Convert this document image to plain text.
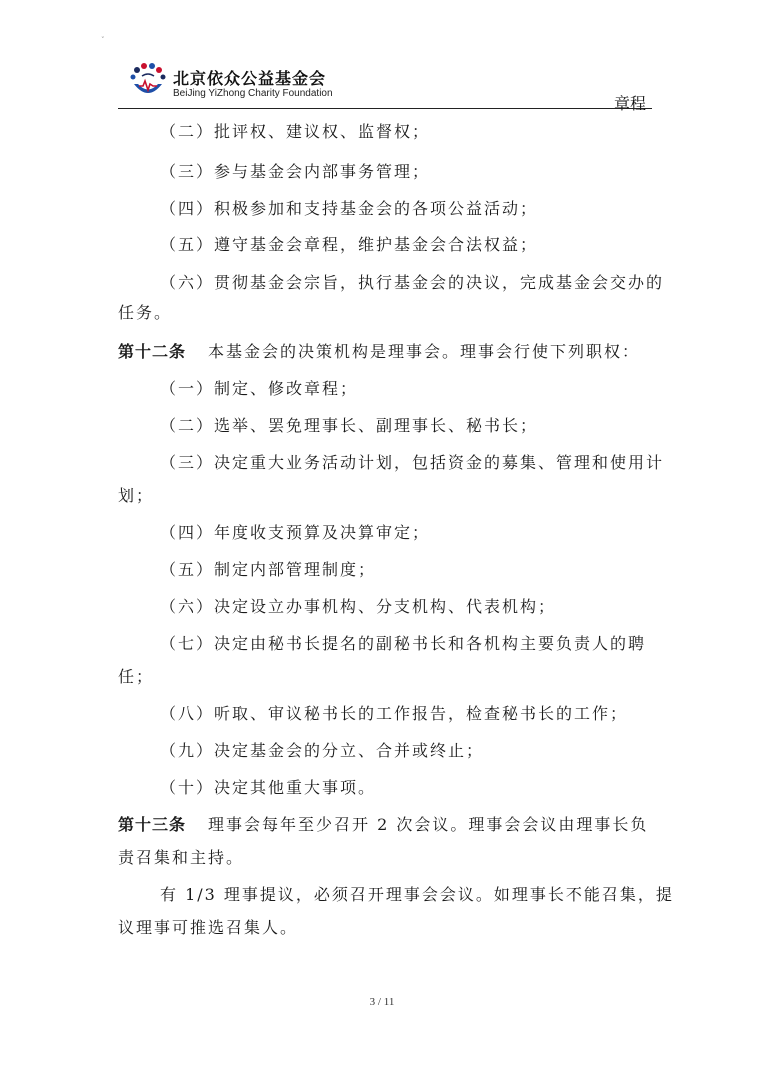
˅
北京依众公益基金会
BeiJing YiZhong Charity Foundation
章程
（二）批评权、建议权、监督权；
（三）参与基金会内部事务管理；
（四）积极参加和支持基金会的各项公益活动；
（五）遵守基金会章程，维护基金会合法权益；
（六）贯彻基金会宗旨，执行基金会的决议，完成基金会交办的
任务。
第十二条 本基金会的决策机构是理事会。理事会行使下列职权：
（一）制定、修改章程；
（二）选举、罢免理事长、副理事长、秘书长；
（三）决定重大业务活动计划，包括资金的募集、管理和使用计
划；
（四）年度收支预算及决算审定；
（五）制定内部管理制度；
（六）决定设立办事机构、分支机构、代表机构；
（七）决定由秘书长提名的副秘书长和各机构主要负责人的聘
任；
（八）听取、审议秘书长的工作报告，检查秘书长的工作；
（九）决定基金会的分立、合并或终止；
（十）决定其他重大事项。
第十三条 理事会每年至少召开 2 次会议。理事会会议由理事长负
责召集和主持。
有 1/3 理事提议，必须召开理事会会议。如理事长不能召集，提
议理事可推选召集人。
3 / 11
